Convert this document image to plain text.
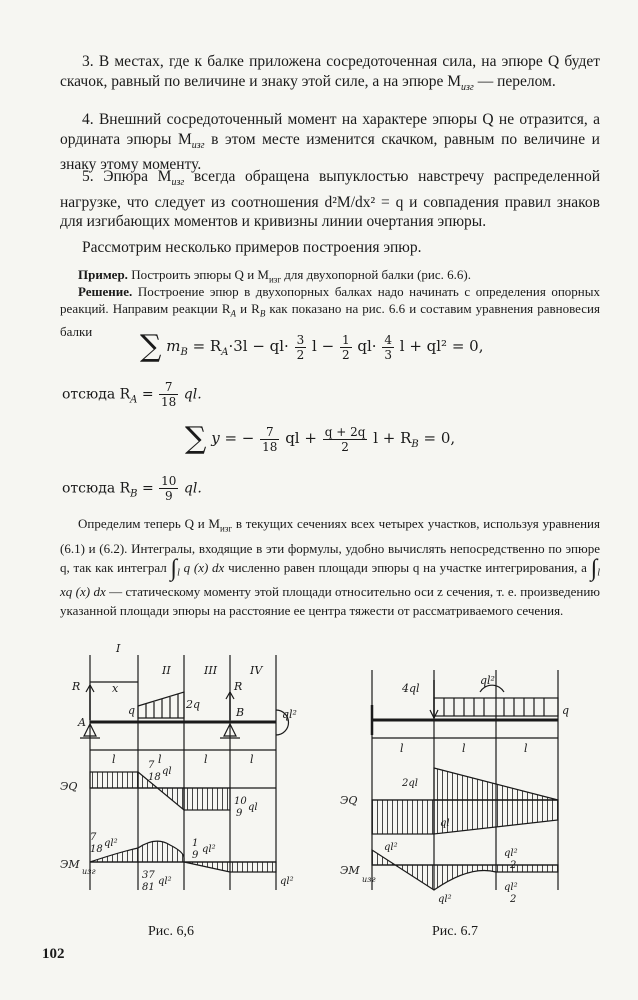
3. В местах, где к балке приложена сосредоточенная сила, на эпюре Q будет скачок, равный по величине и знаку этой силе, а на эпюре $M_{изг}$ — перелом.

4. Внешний сосредоточенный момент на характере эпюры Q не отразится, а ордината эпюры $M_{изг}$ в этом месте изменится скачком, равным по величине и знаку этому моменту.

5. Эпюра $M_{изг}$ всегда обращена выпуклостью навстречу распределенной нагрузке, что следует из соотношения d²M/dx² = q и совпадения правил знаков для изгибающих моментов и кривизны линии очертания эпюры.

Рассмотрим несколько примеров построения эпюр.

Пример. Построить эпюры Q и $M_{изг}$ для двухопорной балки (рис. 6.6).

Решение. Построение эпюр в двухопорных балках надо начинать с определения опорных реакций. Направим реакции $R_A$ и $R_B$ как показано на рис. 6.6 и составим уравнения равновесия балки	∑ $m_B = R_A\cdot 3l - ql\cdot \frac{3}{2}$ $l - \frac{1}{2} ql\cdot \frac{4}{3}$ l + ql² = 0,
отсюда $R_A = \frac{7}{18}$ ql.
∑ y = − $\frac{7}{18}$ ql + $\frac{q + 2q}{2}$ $l + R_B = 0$,
отсюда $R_B = \frac{10}{9}$ ql.

Определим теперь Q и $M_{изг}$ в текущих сечениях всех четырех участков, используя уравнения (6.1) и (6.2). Интегралы, входящие в эти формулы, удобно вычислять непосредственно по эпюре q, так как интеграл $\int_l$ q (x) dx численно равен площади эпюры q на участке интегрирования, а $\int_l$ xq (x) dx — статическому моменту этой площади относительно оси z сечения, т. е. произведению указанной площади эпюры на расстояние ее центра тяжести от рассматриваемого сечения.

I
II	III	IV
x
R	R
A
B
q	2q
ql²
l	l	l	l
ЭQ
7
18
ql
10
9
ql
ЭM
изг
7
18
ql²	1
9
ql²
37
81
ql²	ql²
Рис. 6,6
4ql
ql²
q
l	l	l
ЭQ
2ql
ql
ЭM
изг
ql²
ql²
ql²
2
ql²
2
Рис. 6.7
102
